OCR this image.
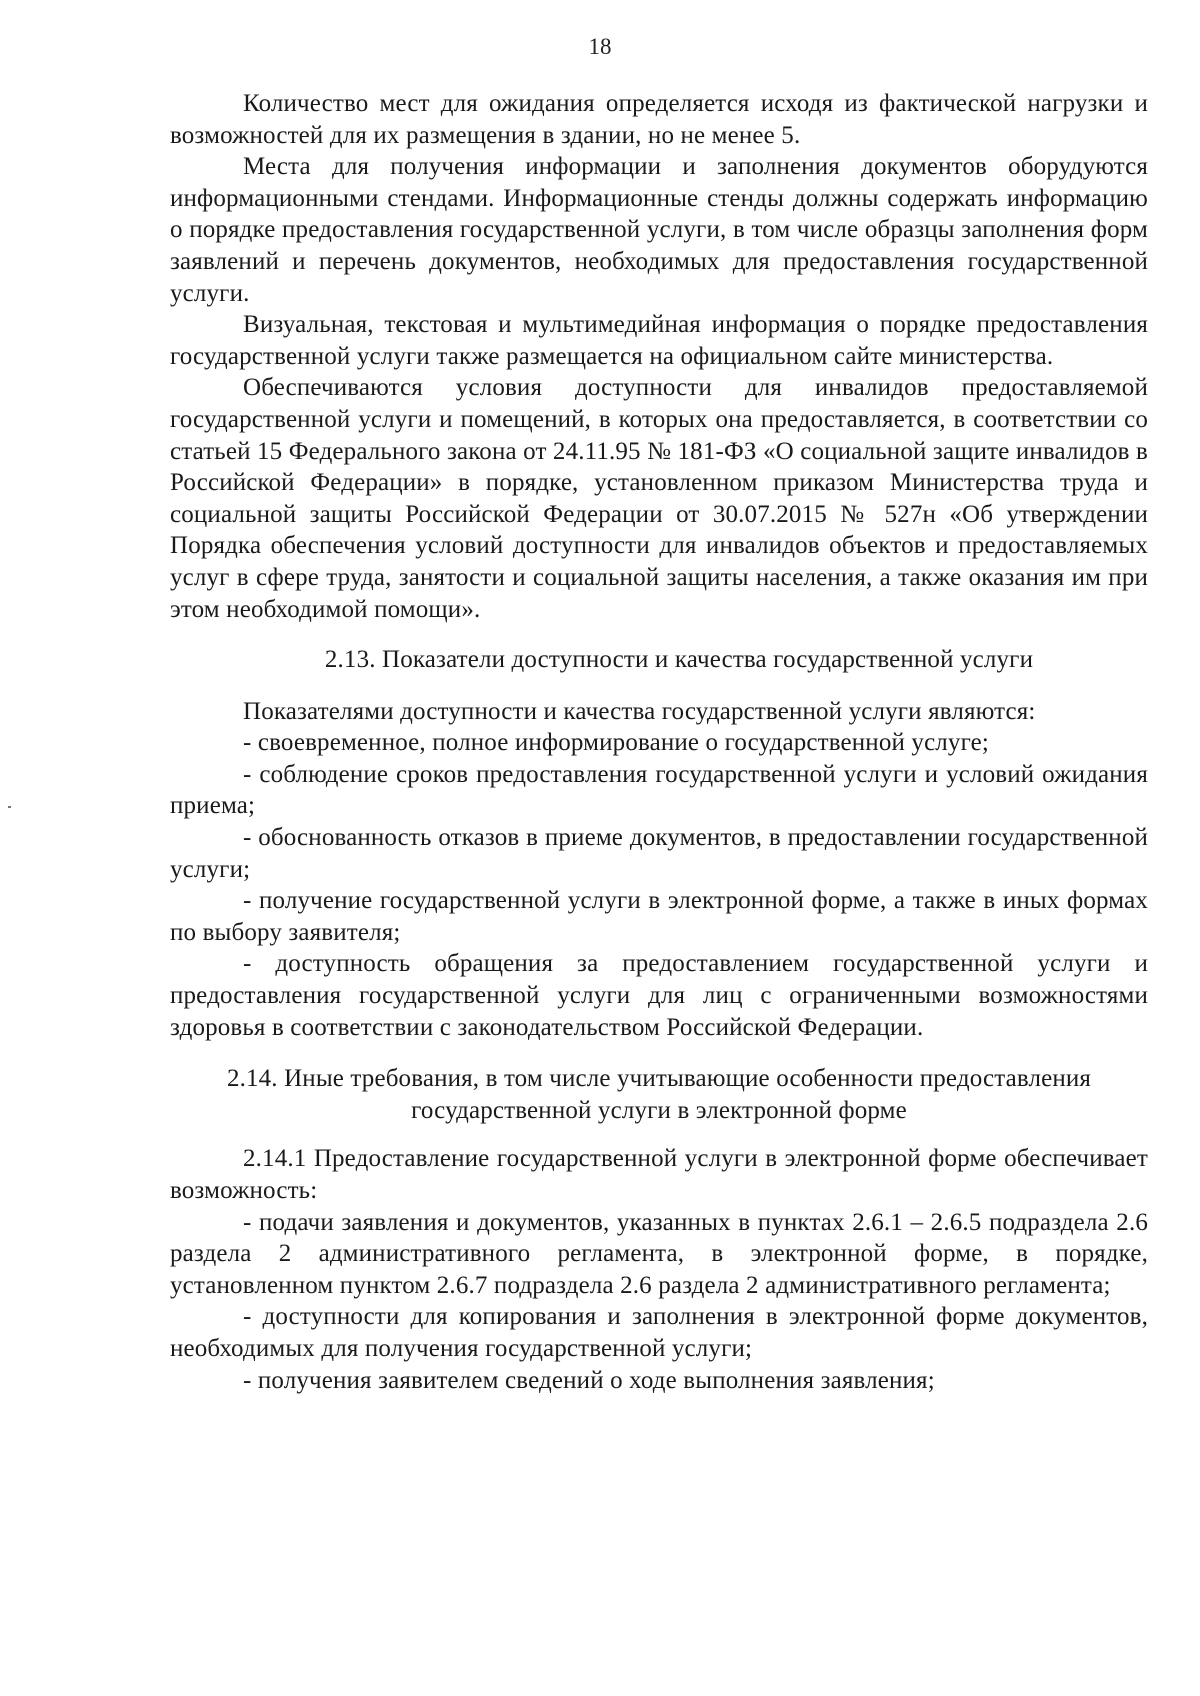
18

Количество мест для ожидания определяется исходя из фактической нагрузки и возможностей для их размещения в здании, но не менее 5.

Места для получения информации и заполнения документов оборудуются информационными стендами. Информационные стенды должны содержать информацию о порядке предоставления государственной услуги, в том числе образцы заполнения форм заявлений и перечень документов, необходимых для предоставления государственной услуги.

Визуальная, текстовая и мультимедийная информация о порядке предоставления государственной услуги также размещается на официальном сайте министерства.

Обеспечиваются условия доступности для инвалидов предоставляемой государственной услуги и помещений, в которых она предоставляется, в соответствии со статьей 15 Федерального закона от 24.11.95 № 181-ФЗ «О социальной защите инвалидов в Российской Федерации» в порядке, установленном приказом Министерства труда и социальной защиты Российской Федерации от 30.07.2015 № 527н «Об утверждении Порядка обеспечения условий доступности для инвалидов объектов и предоставляемых услуг в сфере труда, занятости и социальной защиты населения, а также оказания им при этом необходимой помощи».

2.13. Показатели доступности и качества государственной услуги

Показателями доступности и качества государственной услуги являются:

- своевременное, полное информирование о государственной услуге;

- соблюдение сроков предоставления государственной услуги и условий ожидания приема;

- обоснованность отказов в приеме документов, в предоставлении государственной услуги;

- получение государственной услуги в электронной форме, а также в иных формах по выбору заявителя;

- доступность обращения за предоставлением государственной услуги и предоставления государственной услуги для лиц с ограниченными возможностями здоровья в соответствии с законодательством Российской Федерации.

2.14. Иные требования, в том числе учитывающие особенности предоставления
государственной услуги в электронной форме

2.14.1 Предоставление государственной услуги в электронной форме обеспечивает возможность:

- подачи заявления и документов, указанных в пунктах 2.6.1 – 2.6.5 подраздела 2.6 раздела 2 административного регламента, в электронной форме, в порядке, установленном пунктом 2.6.7 подраздела 2.6 раздела 2 административного регламента;

- доступности для копирования и заполнения в электронной форме документов, необходимых для получения государственной услуги;

- получения заявителем сведений о ходе выполнения заявления;
